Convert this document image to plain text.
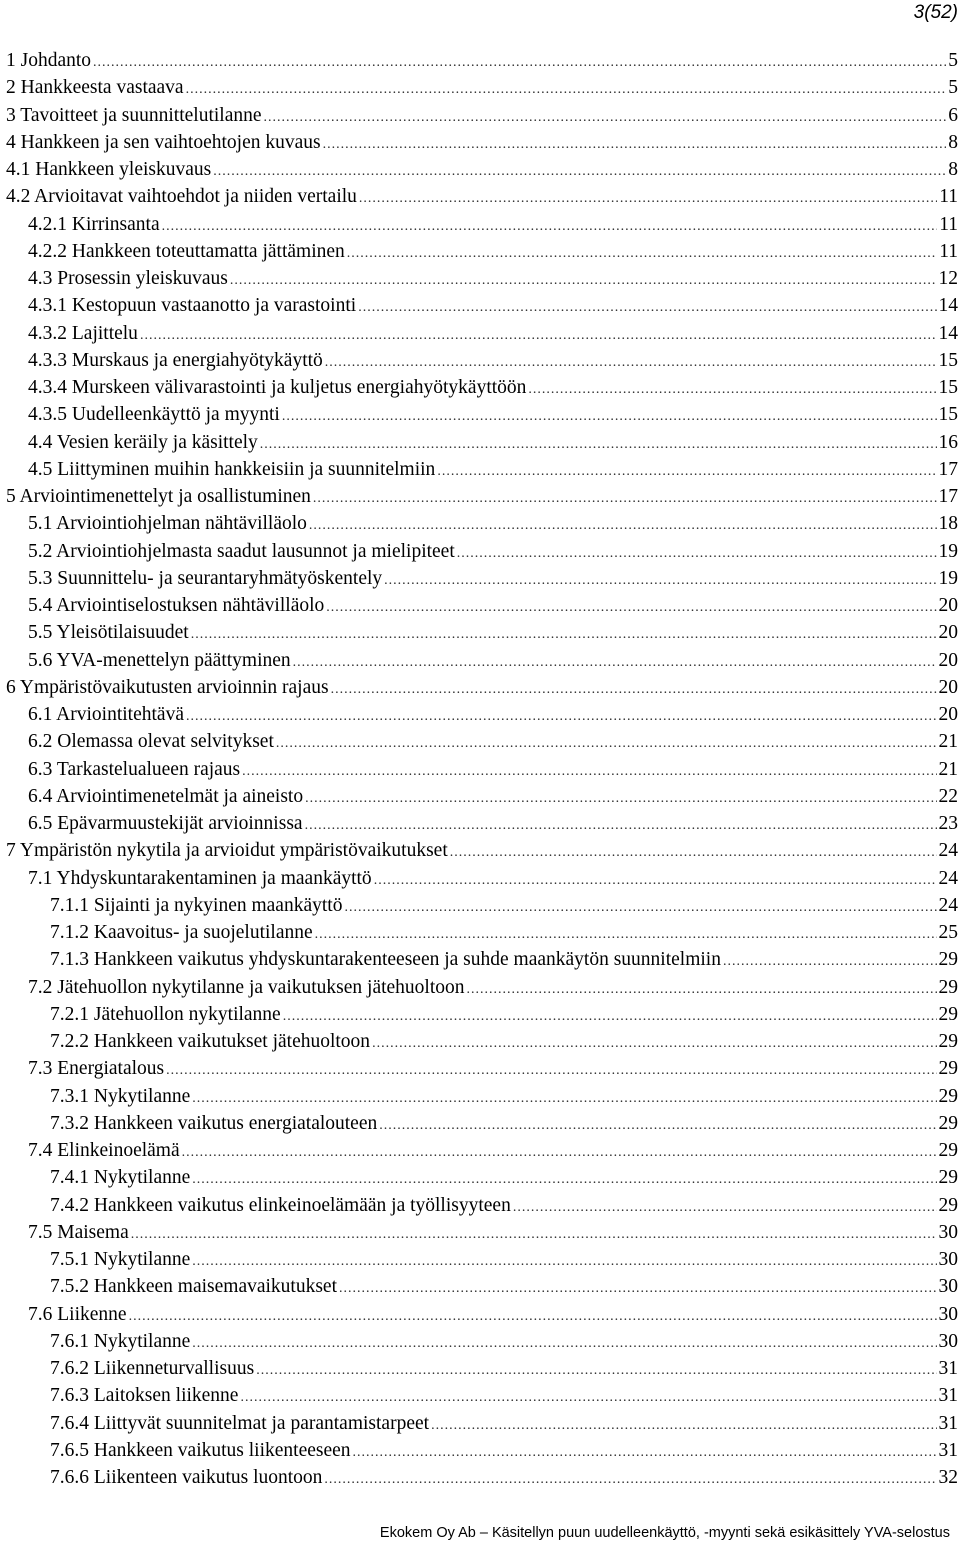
3(52)
1 Johdanto .....	5
2 Hankkeesta vastaava .....	5
3 Tavoitteet ja suunnittelutilanne .....	6
4 Hankkeen ja sen vaihtoehtojen kuvaus .....	8
4.1 Hankkeen yleiskuvaus .....	8
4.2 Arvioitavat vaihtoehdot ja niiden vertailu .....	11
4.2.1 Kirrinsanta .....	11
4.2.2 Hankkeen toteuttamatta jättäminen .....	11
4.3 Prosessin yleiskuvaus .....	12
4.3.1 Kestopuun vastaanotto ja varastointi .....	14
4.3.2 Lajittelu .....	14
4.3.3 Murskaus ja energiahyötykäyttö .....	15
4.3.4 Murskeen välivarastointi ja kuljetus energiahyötykäyttöön .....	15
4.3.5 Uudelleenkäyttö ja myynti .....	15
4.4 Vesien keräily ja käsittely .....	16
4.5 Liittyminen muihin hankkeisiin ja suunnitelmiin .....	17
5 Arviointimenettelyt ja osallistuminen .....	17
5.1 Arviointiohjelman nähtävilläolo .....	18
5.2 Arviointiohjelmasta saadut lausunnot ja mielipiteet .....	19
5.3 Suunnittelu- ja seurantaryhmätyöskentely .....	19
5.4 Arviointiselostuksen nähtävilläolo .....	20
5.5 Yleisötilaisuudet .....	20
5.6 YVA-menettelyn päättyminen .....	20
6 Ympäristövaikutusten arvioinnin rajaus .....	20
6.1 Arviointitehtävä .....	20
6.2 Olemassa olevat selvitykset .....	21
6.3 Tarkastelualueen rajaus .....	21
6.4 Arviointimenetelmät ja aineisto .....	22
6.5 Epävarmuustekijät arvioinnissa .....	23
7 Ympäristön nykytila ja arvioidut ympäristövaikutukset .....	24
7.1 Yhdyskuntarakentaminen ja maankäyttö .....	24
7.1.1 Sijainti ja nykyinen maankäyttö .....	24
7.1.2 Kaavoitus- ja suojelutilanne .....	25
7.1.3 Hankkeen vaikutus yhdyskuntarakenteeseen ja suhde maankäytön suunnitelmiin .....	29
7.2 Jätehuollon nykytilanne ja vaikutuksen jätehuoltoon .....	29
7.2.1 Jätehuollon nykytilanne .....	29
7.2.2 Hankkeen vaikutukset jätehuoltoon .....	29
7.3 Energiatalous .....	29
7.3.1 Nykytilanne .....	29
7.3.2 Hankkeen vaikutus energiatalouteen .....	29
7.4 Elinkeinoelämä .....	29
7.4.1 Nykytilanne .....	29
7.4.2 Hankkeen vaikutus elinkeinoelämään ja työllisyyteen .....	29
7.5 Maisema .....	30
7.5.1 Nykytilanne .....	30
7.5.2 Hankkeen maisemavaikutukset .....	30
7.6 Liikenne .....	30
7.6.1 Nykytilanne .....	30
7.6.2 Liikenneturvallisuus .....	31
7.6.3 Laitoksen liikenne .....	31
7.6.4 Liittyvät suunnitelmat ja parantamistarpeet .....	31
7.6.5 Hankkeen vaikutus liikenteeseen .....	31
7.6.6 Liikenteen vaikutus luontoon .....	32
Ekokem Oy Ab – Käsitellyn puun uudelleenkäyttö, -myynti sekä esikäsittely YVA-selostus
